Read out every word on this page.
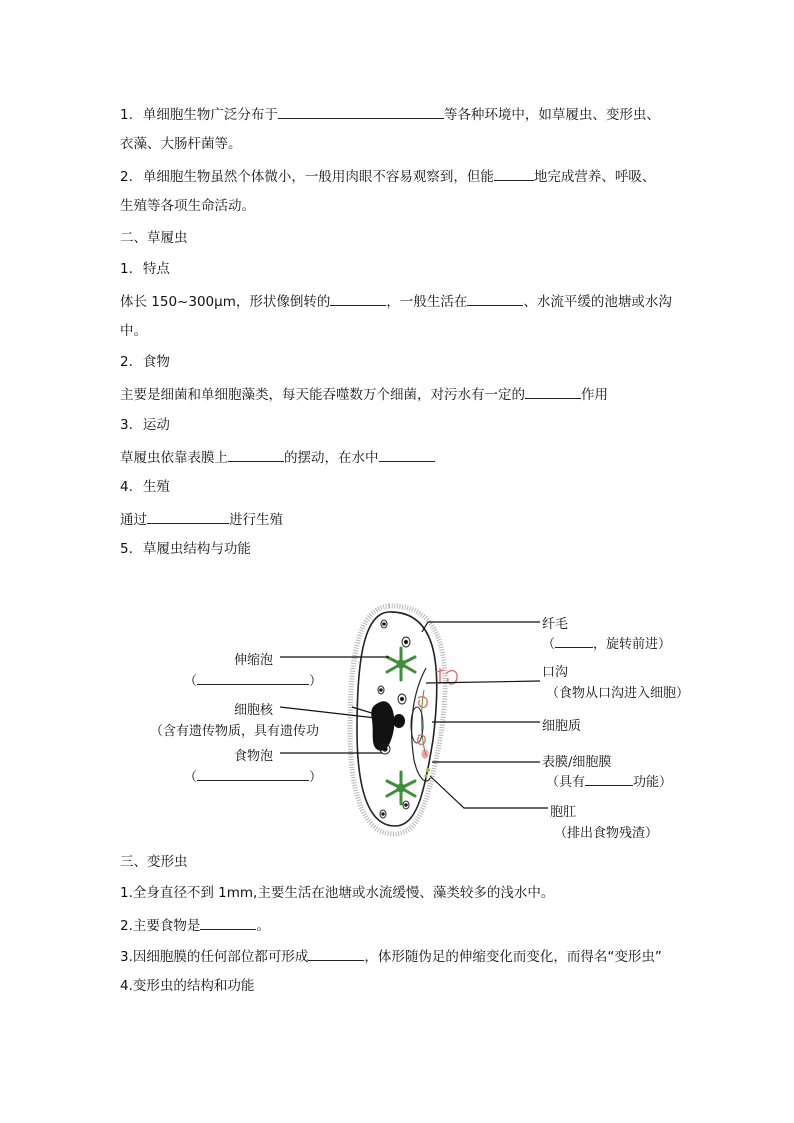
1. 单细胞生物广泛分布于	等各种环境中，如草履虫、变形虫、
衣藻、大肠杆菌等。
2. 单细胞生物虽然个体微小，一般用肉眼不容易观察到，但能	地完成营养、呼吸、
生殖等各项生命活动。
二、草履虫
1. 特点
体长 150~300μm，形状像倒转的	，一般生活在	、水流平缓的池塘或水沟
中。
2. 食物
主要是细菌和单细胞藻类，每天能吞噬数万个细菌，对污水有一定的	作用
3. 运动
草履虫依靠表膜上	的摆动，在水中
4. 生殖
通过	进行生殖
5. 草履虫结构与功能
伸缩泡
（	）
细胞核
（含有遗传物质，具有遗传功
食物泡
（	）
纤毛
（	，旋转前进）
口沟
（食物从口沟进入细胞）
细胞质
表膜/细胞膜
（具有	功能）
胞肛
（排出食物残渣）
三、变形虫
1.全身直径不到 1mm,主要生活在池塘或水流缓慢、藻类较多的浅水中。
2.主要食物是	。
3.因细胞膜的任何部位都可形成	，体形随伪足的伸缩变化而变化，而得名“变形虫”
4.变形虫的结构和功能
